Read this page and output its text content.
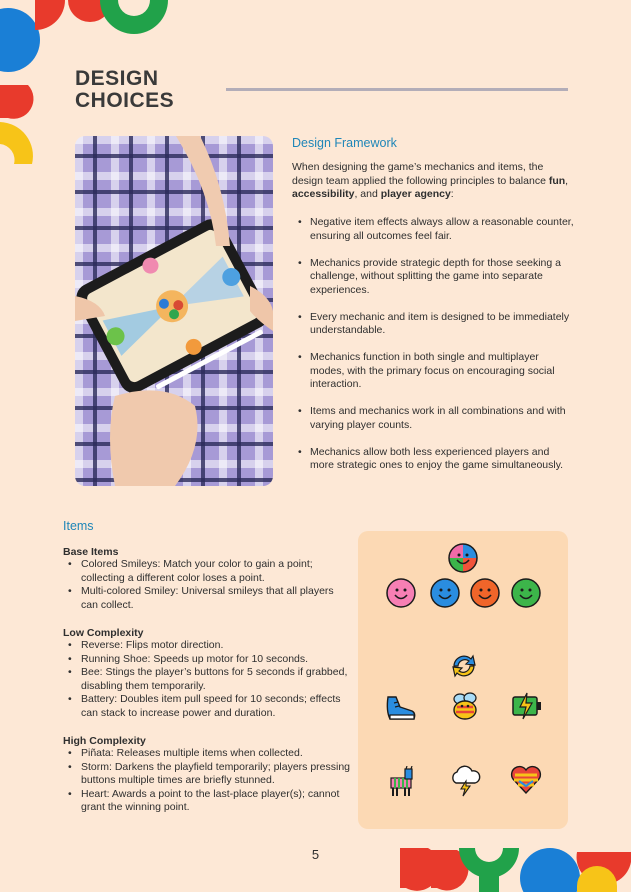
DESIGN
CHOICES
Design Framework
When designing the game’s mechanics and items, the design team applied the following principles to balance fun, accessibility, and player agency:
• Negative item effects always allow a reasonable counter, ensuring all outcomes feel fair.
• Mechanics provide strategic depth for those seeking a challenge, without splitting the game into separate experiences.
• Every mechanic and item is designed to be immediately understandable.
• Mechanics function in both single and multiplayer modes, with the primary focus on encouraging social interaction.
• Items and mechanics work in all combinations and with varying player counts.
• Mechanics allow both less experienced players and more strategic ones to enjoy the game simultaneously.
Items
Base Items
• Colored Smileys: Match your color to gain a point; collecting a different color loses a point.
• Multi-colored Smiley: Universal smileys that all players can collect.
Low Complexity
• Reverse: Flips motor direction.
• Running Shoe: Speeds up motor for 10 seconds.
• Bee: Stings the player’s buttons for 5 seconds if grabbed, disabling them temporarily.
• Battery: Doubles item pull speed for 10 seconds; effects can stack to increase power and duration.
High Complexity
• Piñata: Releases multiple items when collected.
• Storm: Darkens the playfield temporarily; players pressing buttons multiple times are briefly stunned.
• Heart: Awards a point to the last-place player(s); cannot grant the winning point.
5
